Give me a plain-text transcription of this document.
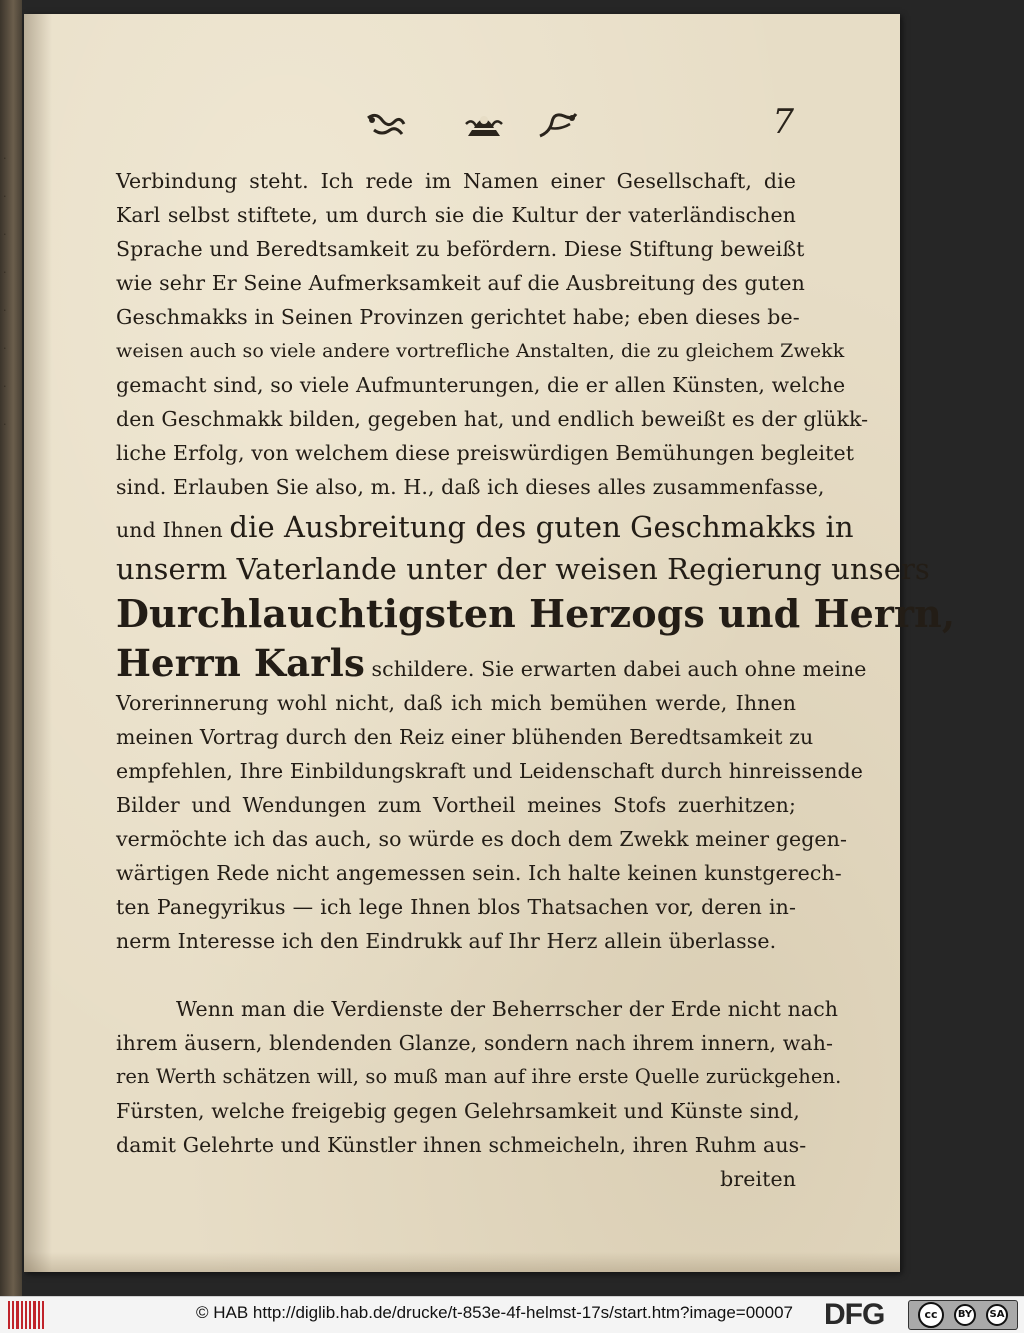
·
·
·
·
·
·
·
·
7
Verbindung steht. Ich rede im Namen einer Gesellschaft, die
Karl selbst stiftete, um durch sie die Kultur der vaterländischen
Sprache und Beredtsamkeit zu befördern. Diese Stiftung beweißt
wie sehr Er Seine Aufmerksamkeit auf die Ausbreitung des guten
Geschmakks in Seinen Provinzen gerichtet habe; eben dieses be-
weisen auch so viele andere vortrefliche Anstalten, die zu gleichem Zwekk
gemacht sind, so viele Aufmunterungen, die er allen Künsten, welche
den Geschmakk bilden, gegeben hat, und endlich beweißt es der glükk-
liche Erfolg, von welchem diese preiswürdigen Bemühungen begleitet
sind. Erlauben Sie also, m. H., daß ich dieses alles zusammenfasse,
und Ihnen die Ausbreitung des guten Geschmakks in
unserm Vaterlande unter der weisen Regierung unsers
Durchlauchtigsten Herzogs und Herrn,
Herrn Karls schildere. Sie erwarten dabei auch ohne meine
Vorerinnerung wohl nicht, daß ich mich bemühen werde, Ihnen
meinen Vortrag durch den Reiz einer blühenden Beredtsamkeit zu
empfehlen, Ihre Einbildungskraft und Leidenschaft durch hinreissende
Bilder und Wendungen zum Vortheil meines Stofs zuerhitzen;
vermöchte ich das auch, so würde es doch dem Zwekk meiner gegen-
wärtigen Rede nicht angemessen sein. Ich halte keinen kunstgerech-
ten Panegyrikus — ich lege Ihnen blos Thatsachen vor, deren in-
nerm Interesse ich den Eindrukk auf Ihr Herz allein überlasse.
Wenn man die Verdienste der Beherrscher der Erde nicht nach
ihrem äusern, blendenden Glanze, sondern nach ihrem innern, wah-
ren Werth schätzen will, so muß man auf ihre erste Quelle zurückgehen.
Fürsten, welche freigebig gegen Gelehrsamkeit und Künste sind,
damit Gelehrte und Künstler ihnen schmeicheln, ihren Ruhm aus-
breiten
© HAB http://diglib.hab.de/drucke/t-853e-4f-helmst-17s/start.htm?image=00007 DFG	cc	BY	SA
